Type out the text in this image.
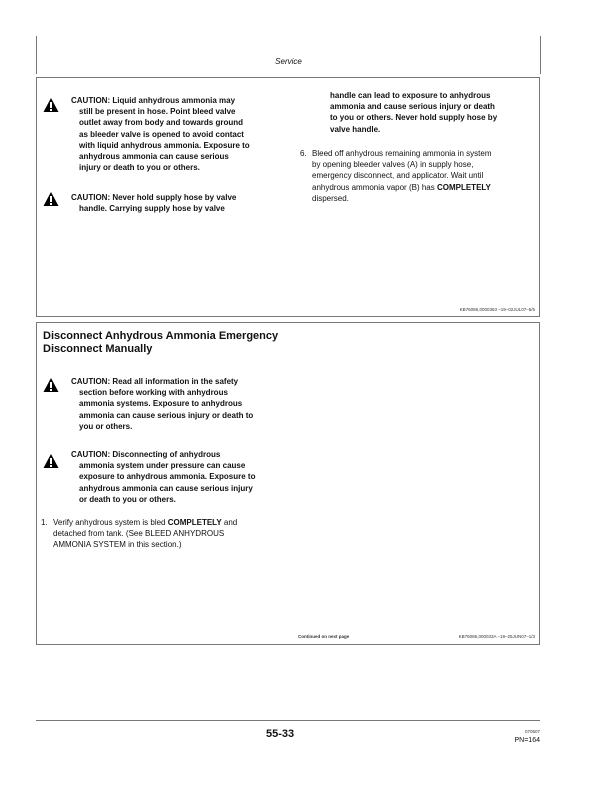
Service
CAUTION: Liquid anhydrous ammonia may
still be present in hose. Point bleed valve
outlet away from body and towards ground
as bleeder valve is opened to avoid contact
with liquid anhydrous ammonia. Exposure to
anhydrous ammonia can cause serious
injury or death to you or others.
CAUTION: Never hold supply hose by valve
handle. Carrying supply hose by valve
handle can lead to exposure to anhydrous
ammonia and cause serious injury or death
to you or others. Never hold supply hose by
valve handle.
6. Bleed off anhydrous remaining ammonia in system
by opening bleeder valves (A) in supply hose,
emergency disconnect, and applicator. Wait until
anhydrous ammonia vapor (B) has COMPLETELY
dispersed.
KB76086,0000363 –19–02JUL07–5/5
Disconnect Anhydrous Ammonia Emergency
Disconnect Manually
CAUTION: Read all information in the safety
section before working with anhydrous
ammonia systems. Exposure to anhydrous
ammonia can cause serious injury or death to
you or others.
CAUTION: Disconnecting of anhydrous
ammonia system under pressure can cause
exposure to anhydrous ammonia. Exposure to
anhydrous ammonia can cause serious injury
or death to you or others.
1. Verify anhydrous system is bled COMPLETELY and
detached from tank. (See BLEED ANHYDROUS
AMMONIA SYSTEM in this section.)
Continued on next page	KB76086,000033A –19–25JUN07–1/3
55-33	070507
PN=164
